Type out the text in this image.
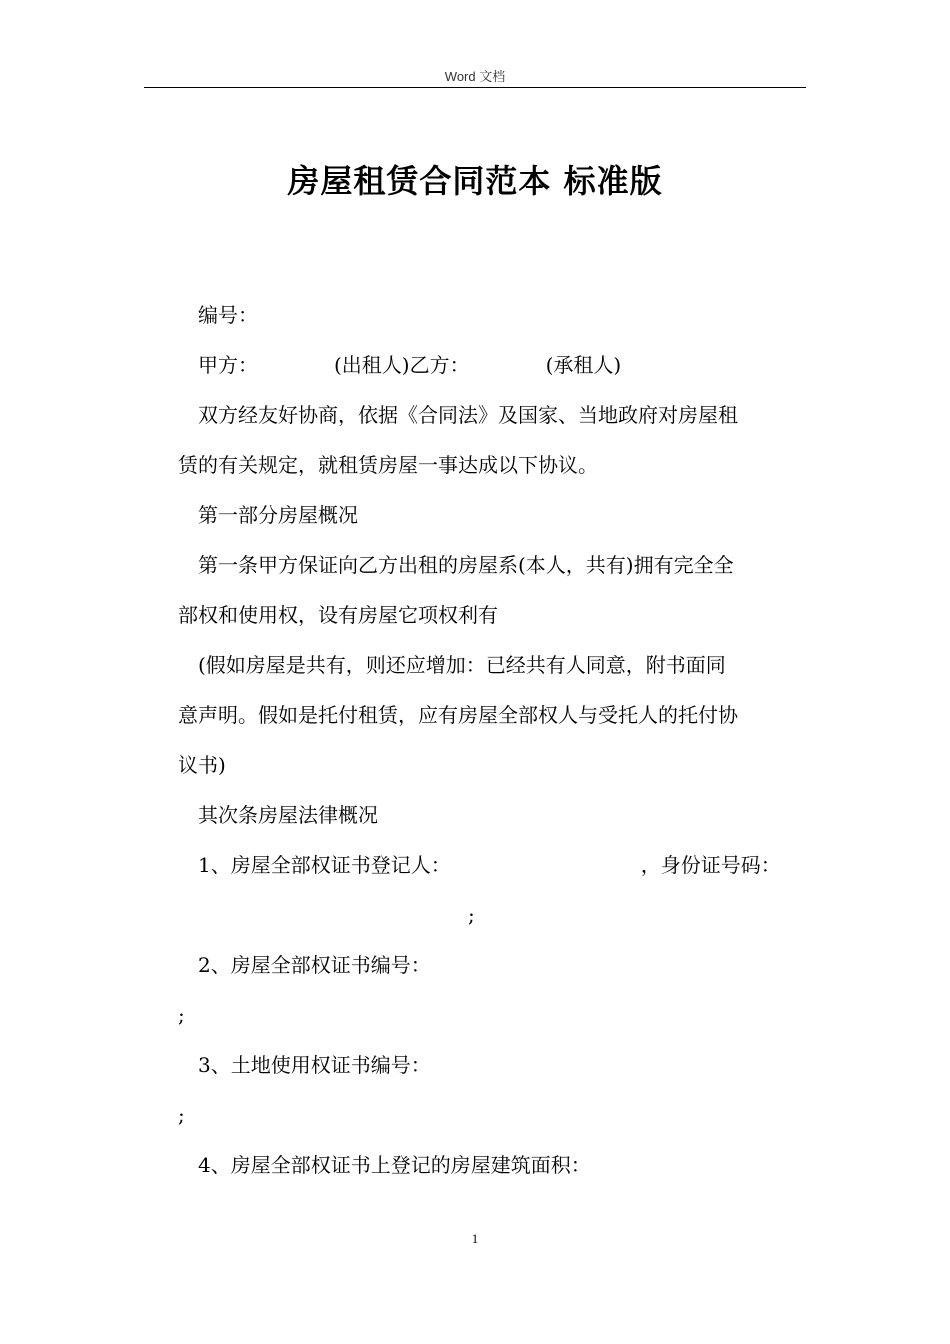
Word 文档
房屋租赁合同范本 标准版

编号：

甲方：	(出租人)乙方：	(承租人)

双方经友好协商，依据《合同法》及国家、当地政府对房屋租

赁的有关规定，就租赁房屋一事达成以下协议。

第一部分房屋概况

第一条甲方保证向乙方出租的房屋系(本人，共有)拥有完全全

部权和使用权，设有房屋它项权利有

(假如房屋是共有，则还应增加：已经共有人同意，附书面同

意声明。假如是托付租赁，应有房屋全部权人与受托人的托付协

议书)

其次条房屋法律概况

1、房屋全部权证书登记人：	，身份证号码：

;

2、房屋全部权证书编号：

;

3、土地使用权证书编号：

;

4、房屋全部权证书上登记的房屋建筑面积：

1
